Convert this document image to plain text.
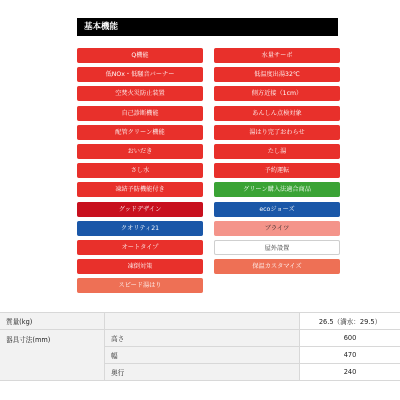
基本機能
Q機能
低NOx・低騒音バーナー
空焚火災防止装置
自己診断機能
配管クリーン機能
おいだき
さし水
凍結予防機能付き
グッドデザイン
クオリティ21
オートタイプ
凍倒対策
スピード湯はり
水量サーボ
低温度出湯32℃
側方近接（1cm）
あんしん点検対象
湯はり完了おわらせ
たし湯
予約運転
グリーン購入法適合商品
ecoジョーズ
ブライツ
屋外設置
保温カスタマイズ
質量(kg)		26.5（満水：29.5）
器具寸法(mm)	高さ	600
	幅	470
	奥行	240
